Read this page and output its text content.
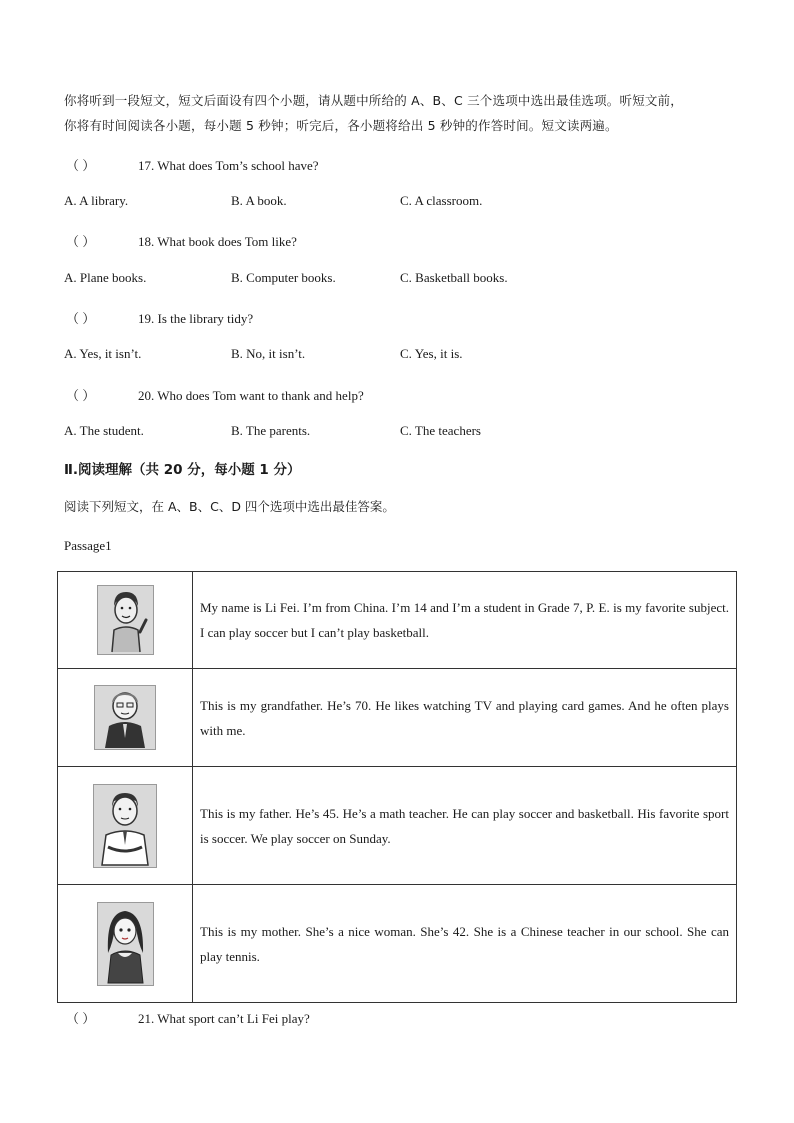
你将听到一段短文，短文后面设有四个小题，请从题中所给的 A、B、C 三个选项中选出最佳选项。听短文前，
你将有时间阅读各小题，每小题 5 秒钟；听完后，各小题将给出 5 秒钟的作答时间。短文读两遍。
（ ）	17. What does Tom’s school have?
A. A library.	B. A book.	C. A classroom.
（ ）	18. What book does Tom like?
A. Plane books.	B. Computer books.	C. Basketball books.
（ ）	19. Is the library tidy?
A. Yes, it isn’t.	B. No, it isn’t.	C. Yes, it is.
（ ）	20. Who does Tom want to thank and help?
A. The student.	B. The parents.	C. The teachers
Ⅱ.阅读理解（共 20 分，每小题 1 分）
阅读下列短文，在 A、B、C、D 四个选项中选出最佳答案。
Passage1
	My name is Li Fei. I’m from China. I’m 14 and I’m a student in Grade 7, P. E. is my favorite subject. I can play soccer but I can’t play basketball.

	This is my grandfather. He’s 70. He likes watching TV and playing card games. And he often plays with me.

	This is my father. He’s 45. He’s a math teacher. He can play soccer and basketball. His favorite sport is soccer. We play soccer on Sunday.

	This is my mother. She’s a nice woman. She’s 42. She is a Chinese teacher in our school. She can play tennis.
（ ）	21. What sport can’t Li Fei play?
